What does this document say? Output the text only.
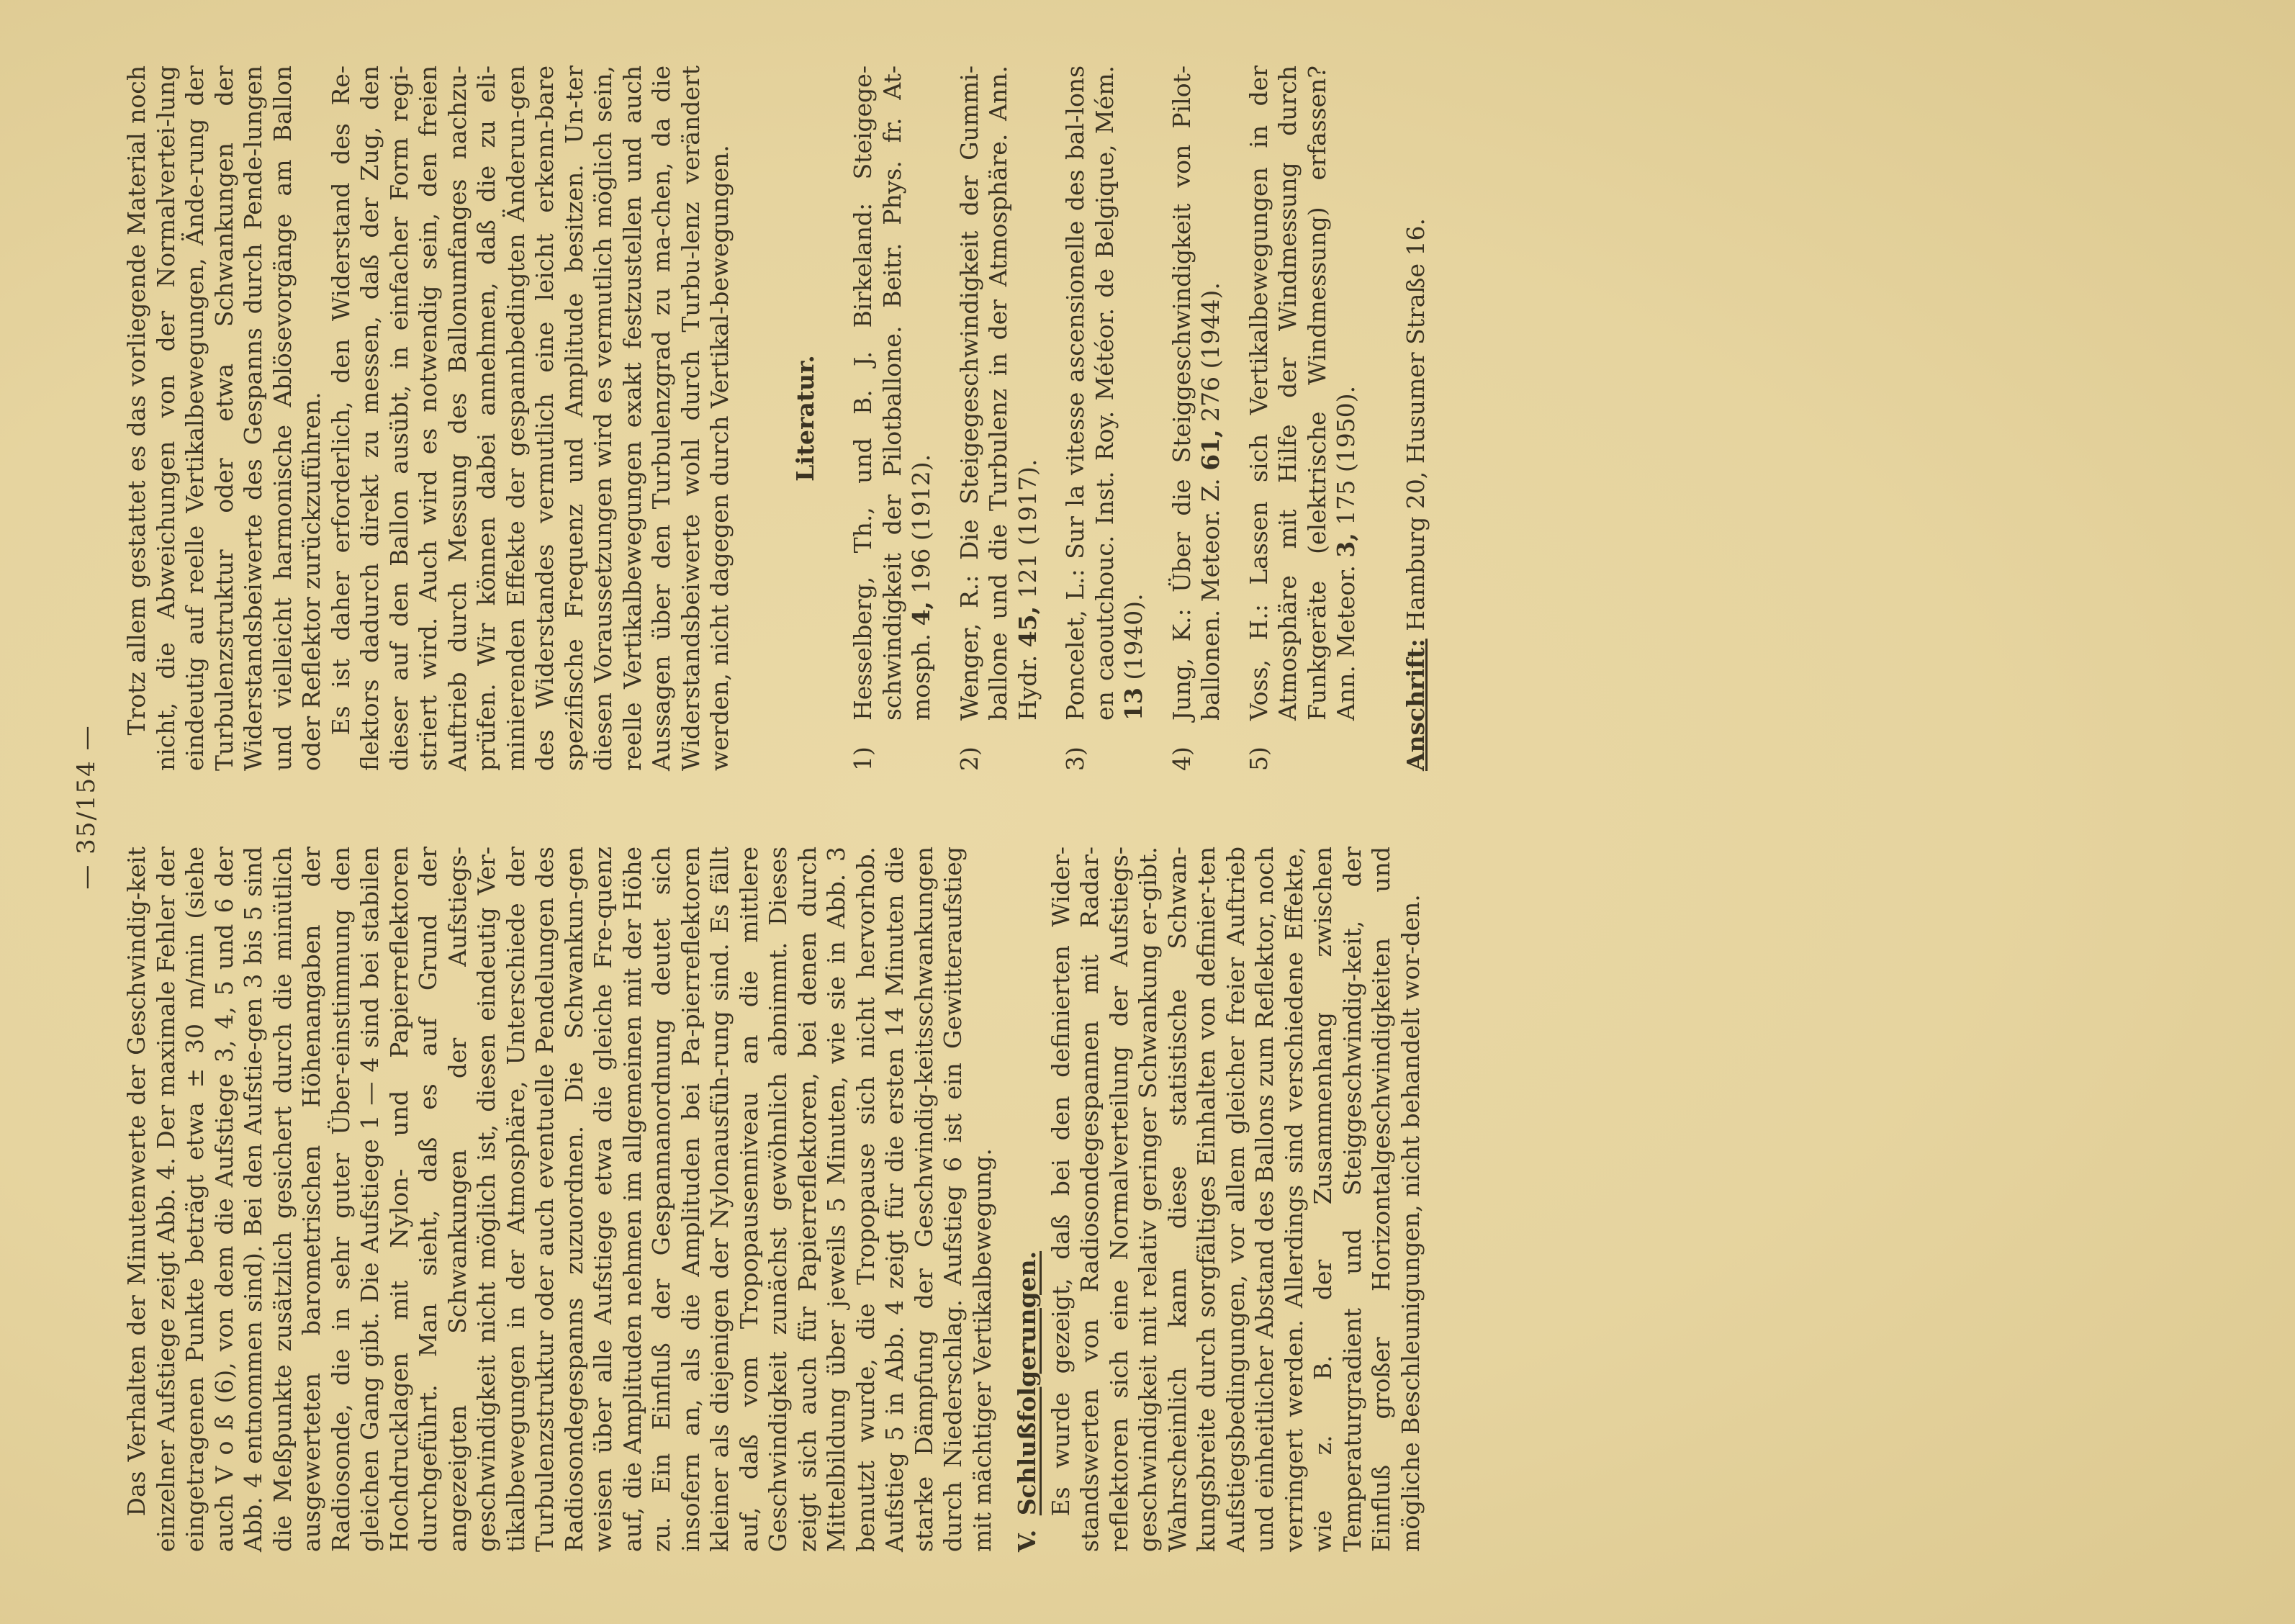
— 35/154 —

Das Verhalten der Minutenwerte der Geschwindig-keit einzelner Aufstiege zeigt Abb. 4. Der maximale Fehler der eingetragenen Punkte beträgt etwa ± 30 m/min (siehe auch V o ß (6), von dem die Aufstiege 3, 4, 5 und 6 der Abb. 4 entnommen sind). Bei den Aufstie-gen 3 bis 5 sind die Meßpunkte zusätzlich gesichert durch die minütlich ausgewerteten barometrischen Höhenangaben der Radiosonde, die in sehr guter Über-einstimmung den gleichen Gang gibt. Die Aufstiege 1 — 4 sind bei stabilen Hochdrucklagen mit Nylon- und Papierreflektoren durchgeführt. Man sieht, daß es auf Grund der angezeigten Schwankungen der Aufstiegs-geschwindigkeit nicht möglich ist, diesen eindeutig Ver-tikalbewegungen in der Atmosphäre, Unterschiede der Turbulenzstruktur oder auch eventuelle Pendelungen des Radiosondegespanns zuzuordnen. Die Schwankun-gen weisen über alle Aufstiege etwa die gleiche Fre-quenz auf, die Amplituden nehmen im allgemeinen mit der Höhe zu. Ein Einfluß der Gespannanordnung deutet sich insofern an, als die Amplituden bei Pa-pierreflektoren kleiner als diejenigen der Nylonausfüh-rung sind. Es fällt auf, daß vom Tropopausenniveau an die mittlere Geschwindigkeit zunächst gewöhnlich abnimmt. Dieses zeigt sich auch für Papierreflektoren, bei denen durch Mittelbildung über jeweils 5 Minuten, wie sie in Abb. 3 benutzt wurde, die Tropopause sich nicht hervorhob. Aufstieg 5 in Abb. 4 zeigt für die ersten 14 Minuten die starke Dämpfung der Geschwindig-keitsschwankungen durch Niederschlag. Aufstieg 6 ist ein Gewitteraufstieg mit mächtiger Vertikalbewegung. V. Schlußfolgerungen. Es wurde gezeigt, daß bei den definierten Wider-standswerten von Radiosondegespannen mit Radar-reflektoren sich eine Normalverteilung der Aufstiegs-geschwindigkeit mit relativ geringer Schwankung er-gibt. Wahrscheinlich kann diese statistische Schwan-kungsbreite durch sorgfältiges Einhalten von definier-ten Aufstiegsbedingungen, vor allem gleicher freier Auftrieb und einheitlicher Abstand des Ballons zum Reflektor, noch verringert werden. Allerdings sind verschiedene Effekte, wie z. B. der Zusammenhang zwischen Temperaturgradient und Steiggeschwindig-keit, der Einfluß großer Horizontalgeschwindigkeiten und mögliche Beschleunigungen, nicht behandelt wor-den.

Trotz allem gestattet es das vorliegende Material noch nicht, die Abweichungen von der Normalvertei-lung eindeutig auf reelle Vertikalbewegungen, Ände-rung der Turbulenzstruktur oder etwa Schwankungen der Widerstandsbeiwerte des Gespanns durch Pende-lungen und vielleicht harmonische Ablösevorgänge am Ballon oder Reflektor zurückzuführen. Es ist daher erforderlich, den Widerstand des Re-flektors dadurch direkt zu messen, daß der Zug, den dieser auf den Ballon ausübt, in einfacher Form regi-striert wird. Auch wird es notwendig sein, den freien Auftrieb durch Messung des Ballonumfanges nachzu-prüfen. Wir können dabei annehmen, daß die zu eli-minierenden Effekte der gespannbedingten Änderun-gen des Widerstandes vermutlich eine leicht erkenn-bare spezifische Frequenz und Amplitude besitzen. Un-ter diesen Voraussetzungen wird es vermutlich möglich sein, reelle Vertikalbewegungen exakt festzustellen und auch Aussagen über den Turbulenzgrad zu ma-chen, da die Widerstandsbeiwerte wohl durch Turbu-lenz verändert werden, nicht dagegen durch Vertikal-bewegungen. Literatur.
1)
Hesselberg, Th., und B. J. Birkeland: Steigege-schwindigkeit der Pilotballone. Beitr. Phys. fr. At-mosph. 4, 196 (1912).
2)
Wenger, R.: Die Steigegeschwindigkeit der Gummi-ballone und die Turbulenz in der Atmosphäre. Ann. Hydr. 45, 121 (1917).
3)
Poncelet, L.: Sur la vitesse ascensionelle des bal-lons en caoutchouc. Inst. Roy. Météor. de Belgique, Mém. 13 (1940).
4)
Jung, K.: Über die Steiggeschwindigkeit von Pilot-ballonen. Meteor. Z. 61, 276 (1944).
5)
Voss, H.: Lassen sich Vertikalbewegungen in der Atmosphäre mit Hilfe der Windmessung durch Funkgeräte (elektrische Windmessung) erfassen? Ann. Meteor. 3, 175 (1950).
Anschrift: Hamburg 20, Husumer Straße 16.
